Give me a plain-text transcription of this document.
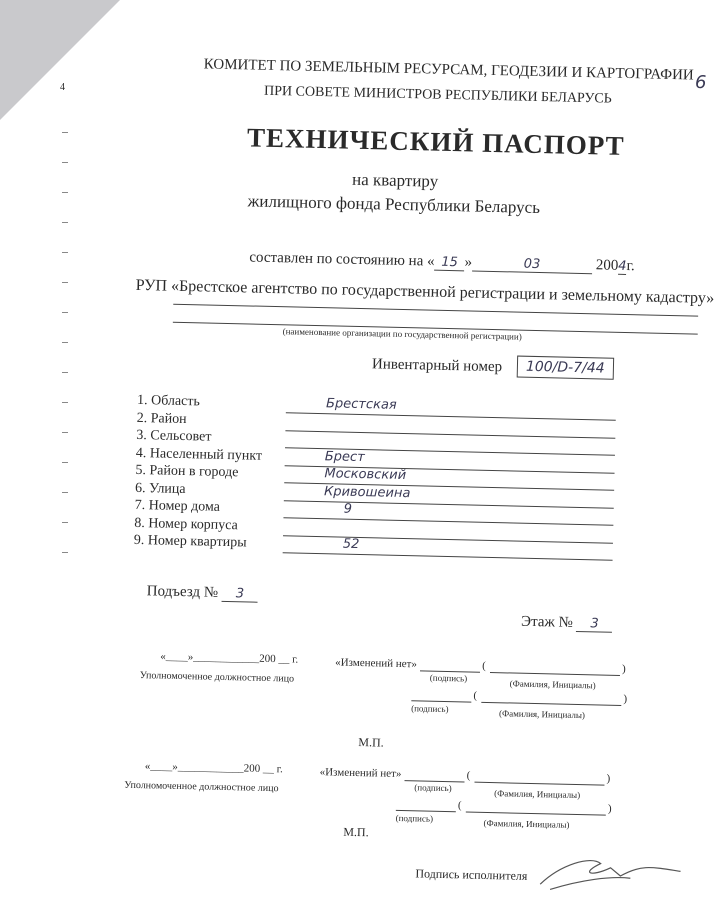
4	6
КОМИТЕТ ПО ЗЕМЕЛЬНЫМ РЕСУРСАМ, ГЕОДЕЗИИ И КАРТОГРАФИИ
ПРИ СОВЕТЕ МИНИСТРОВ РЕСПУБЛИКИ БЕЛАРУСЬ
ТЕХНИЧЕСКИЙ ПАСПОРТ
на квартиру
жилищного фонда Республики Беларусь
составлен по состоянию на « 15 »	03	2004г.
РУП «Брестское агентство по государственной регистрации и земельному кадастру»
(наименование организации по государственной регистрации)
Инвентарный номер	100/D-7/44
1. Область	Брестская
2. Район
3. Сельсовет
4. Населенный пункт	Брест
5. Район в городе	Московский
6. Улица	Кривошеина
7. Номер дома	9
8. Номер корпуса
9. Номер квартиры	52
Подъезд № 3
Этаж № 3
«____»____________200 __ г.	«Изменений нет»	(	)
Уполномоченное должностное лицо	(подпись)
(Фамилия, Инициалы)
(	)
(подпись)	(Фамилия, Инициалы)
М.П.
«____»____________200 __ г.	«Изменений нет»	(	)
Уполномоченное должностное лицо	(подпись)
(Фамилия, Инициалы)
(	)
(подпись)	(Фамилия, Инициалы)
М.П.
Подпись исполнителя
